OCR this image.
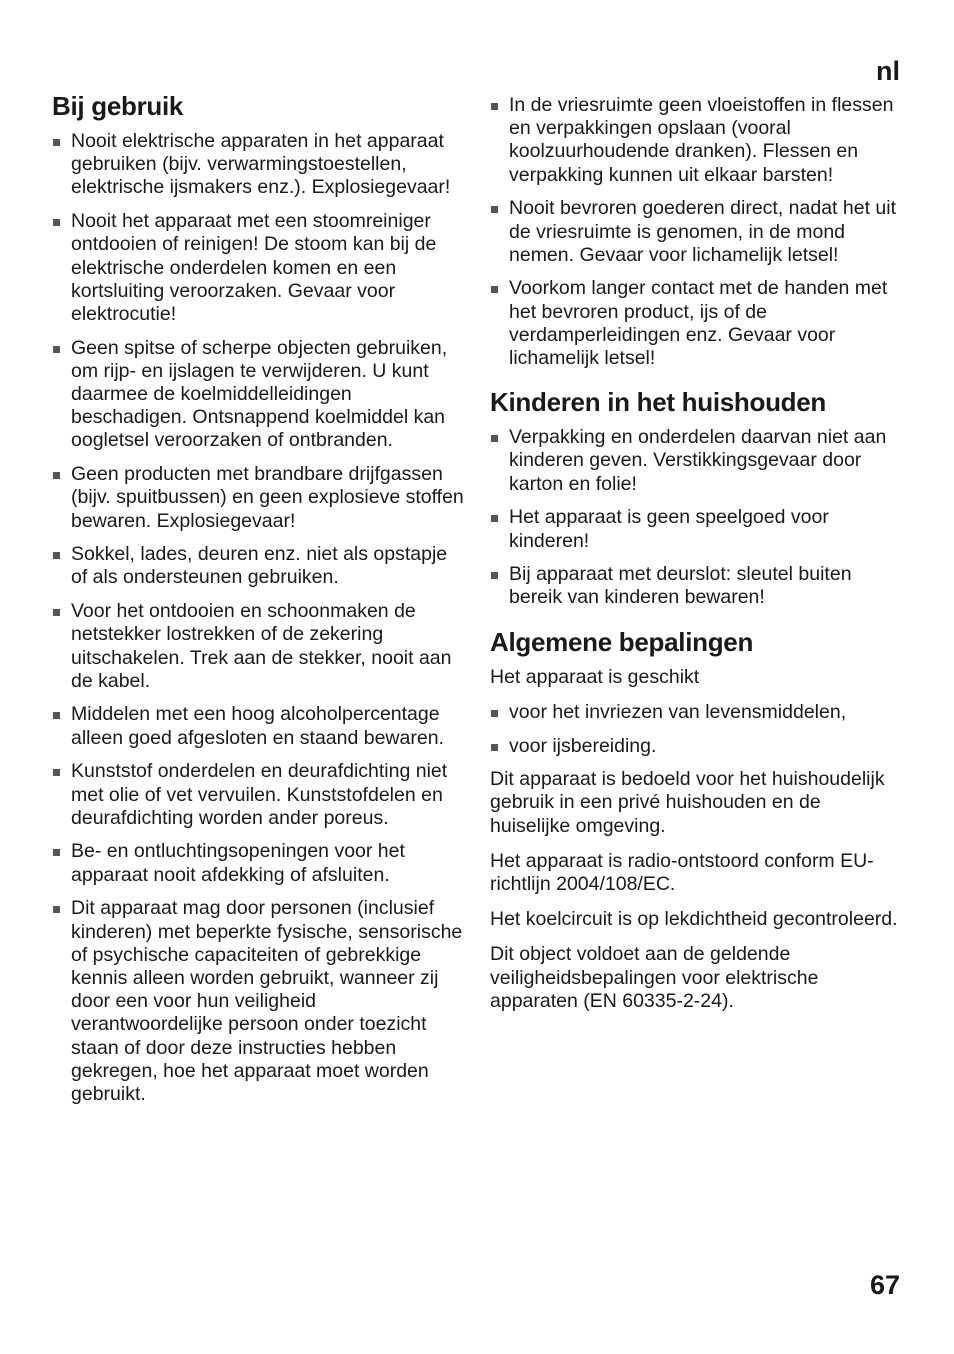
nl
Bij gebruik
Nooit elektrische apparaten in het apparaat gebruiken (bijv. verwarmingstoestellen, elektrische ijsmakers enz.). Explosiegevaar!
Nooit het apparaat met een stoomreiniger ontdooien of reinigen! De stoom kan bij de elektrische onderdelen komen en een kortsluiting veroorzaken. Gevaar voor elektrocutie!
Geen spitse of scherpe objecten gebruiken, om rijp- en ijslagen te verwijderen. U kunt daarmee de koelmiddelleidingen beschadigen. Ontsnappend koelmiddel kan oogletsel veroorzaken of ontbranden.
Geen producten met brandbare drijfgassen (bijv. spuitbussen) en geen explosieve stoffen bewaren. Explosiegevaar!
Sokkel, lades, deuren enz. niet als opstapje of als ondersteunen gebruiken.
Voor het ontdooien en schoonmaken de netstekker lostrekken of de zekering uitschakelen. Trek aan de stekker, nooit aan de kabel.
Middelen met een hoog alcoholpercentage alleen goed afgesloten en staand bewaren.
Kunststof onderdelen en deurafdichting niet met olie of vet vervuilen. Kunststofdelen en deurafdichting worden ander poreus.
Be- en ontluchtingsopeningen voor het apparaat nooit afdekking of afsluiten.
Dit apparaat mag door personen (inclusief kinderen) met beperkte fysische, sensorische of psychische capaciteiten of gebrekkige kennis alleen worden gebruikt, wanneer zij door een voor hun veiligheid verantwoordelijke persoon onder toezicht staan of door deze instructies hebben gekregen, hoe het apparaat moet worden gebruikt.
In de vriesruimte geen vloeistoffen in flessen en verpakkingen opslaan (vooral koolzuurhoudende dranken). Flessen en verpakking kunnen uit elkaar barsten!
Nooit bevroren goederen direct, nadat het uit de vriesruimte is genomen, in de mond nemen. Gevaar voor lichamelijk letsel!
Voorkom langer contact met de handen met het bevroren product, ijs of de verdamperleidingen enz. Gevaar voor lichamelijk letsel!
Kinderen in het huishouden
Verpakking en onderdelen daarvan niet aan kinderen geven. Verstikkingsgevaar door karton en folie!
Het apparaat is geen speelgoed voor kinderen!
Bij apparaat met deurslot: sleutel buiten bereik van kinderen bewaren!
Algemene bepalingen

Het apparaat is geschikt

voor het invriezen van levensmiddelen,
voor ijsbereiding.

Dit apparaat is bedoeld voor het huishoudelijk gebruik in een privé huishouden en de huiselijke omgeving.

Het apparaat is radio-ontstoord conform EU-richtlijn 2004/108/EC.

Het koelcircuit is op lekdichtheid gecontroleerd.

Dit object voldoet aan de geldende veiligheidsbepalingen voor elektrische apparaten (EN 60335-2-24).

67
